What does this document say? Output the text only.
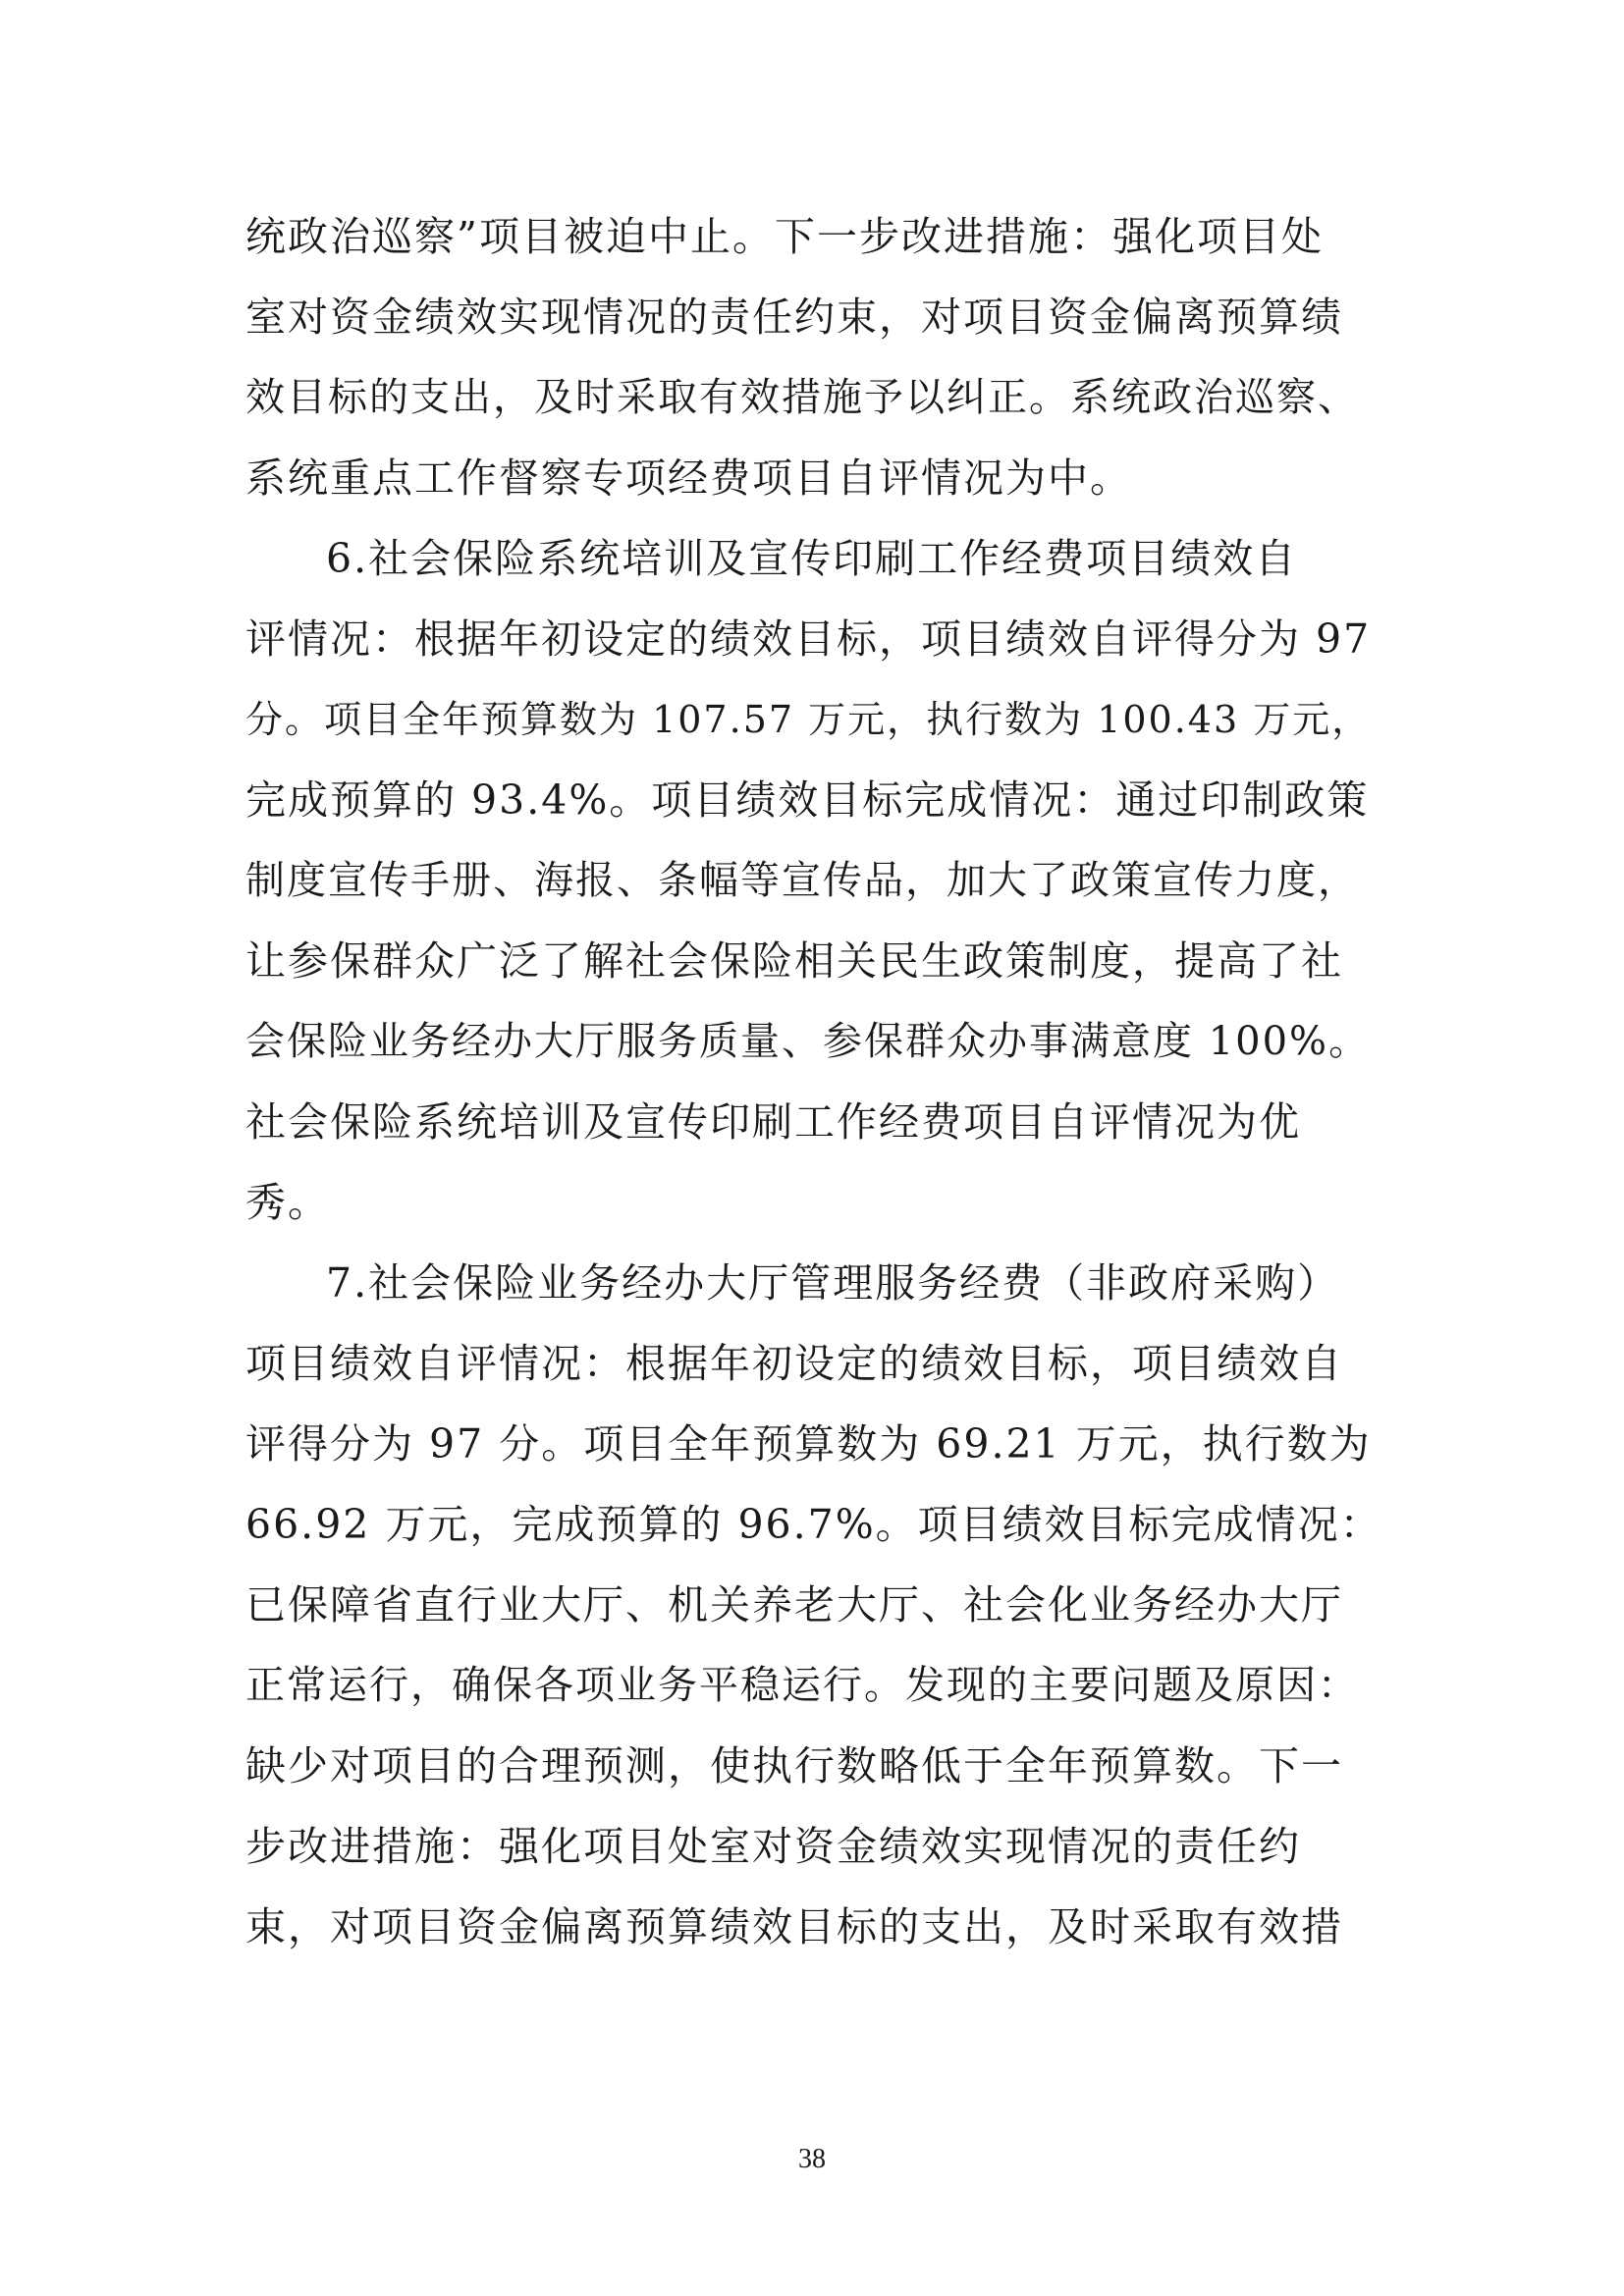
统政治巡察”项目被迫中止。下一步改进措施：强化项目处
室对资金绩效实现情况的责任约束，对项目资金偏离预算绩
效目标的支出，及时采取有效措施予以纠正。系统政治巡察、
系统重点工作督察专项经费项目自评情况为中。
6.社会保险系统培训及宣传印刷工作经费项目绩效自
评情况：根据年初设定的绩效目标，项目绩效自评得分为 97
分。项目全年预算数为 107.57 万元，执行数为 100.43 万元，
完成预算的 93.4%。项目绩效目标完成情况：通过印制政策
制度宣传手册、海报、条幅等宣传品，加大了政策宣传力度，
让参保群众广泛了解社会保险相关民生政策制度，提高了社
会保险业务经办大厅服务质量、参保群众办事满意度 100%。
社会保险系统培训及宣传印刷工作经费项目自评情况为优
秀。
7.社会保险业务经办大厅管理服务经费（非政府采购）
项目绩效自评情况：根据年初设定的绩效目标，项目绩效自
评得分为 97 分。项目全年预算数为 69.21 万元，执行数为
66.92 万元，完成预算的 96.7%。项目绩效目标完成情况：
已保障省直行业大厅、机关养老大厅、社会化业务经办大厅
正常运行，确保各项业务平稳运行。发现的主要问题及原因：
缺少对项目的合理预测，使执行数略低于全年预算数。下一
步改进措施：强化项目处室对资金绩效实现情况的责任约
束，对项目资金偏离预算绩效目标的支出，及时采取有效措
38
